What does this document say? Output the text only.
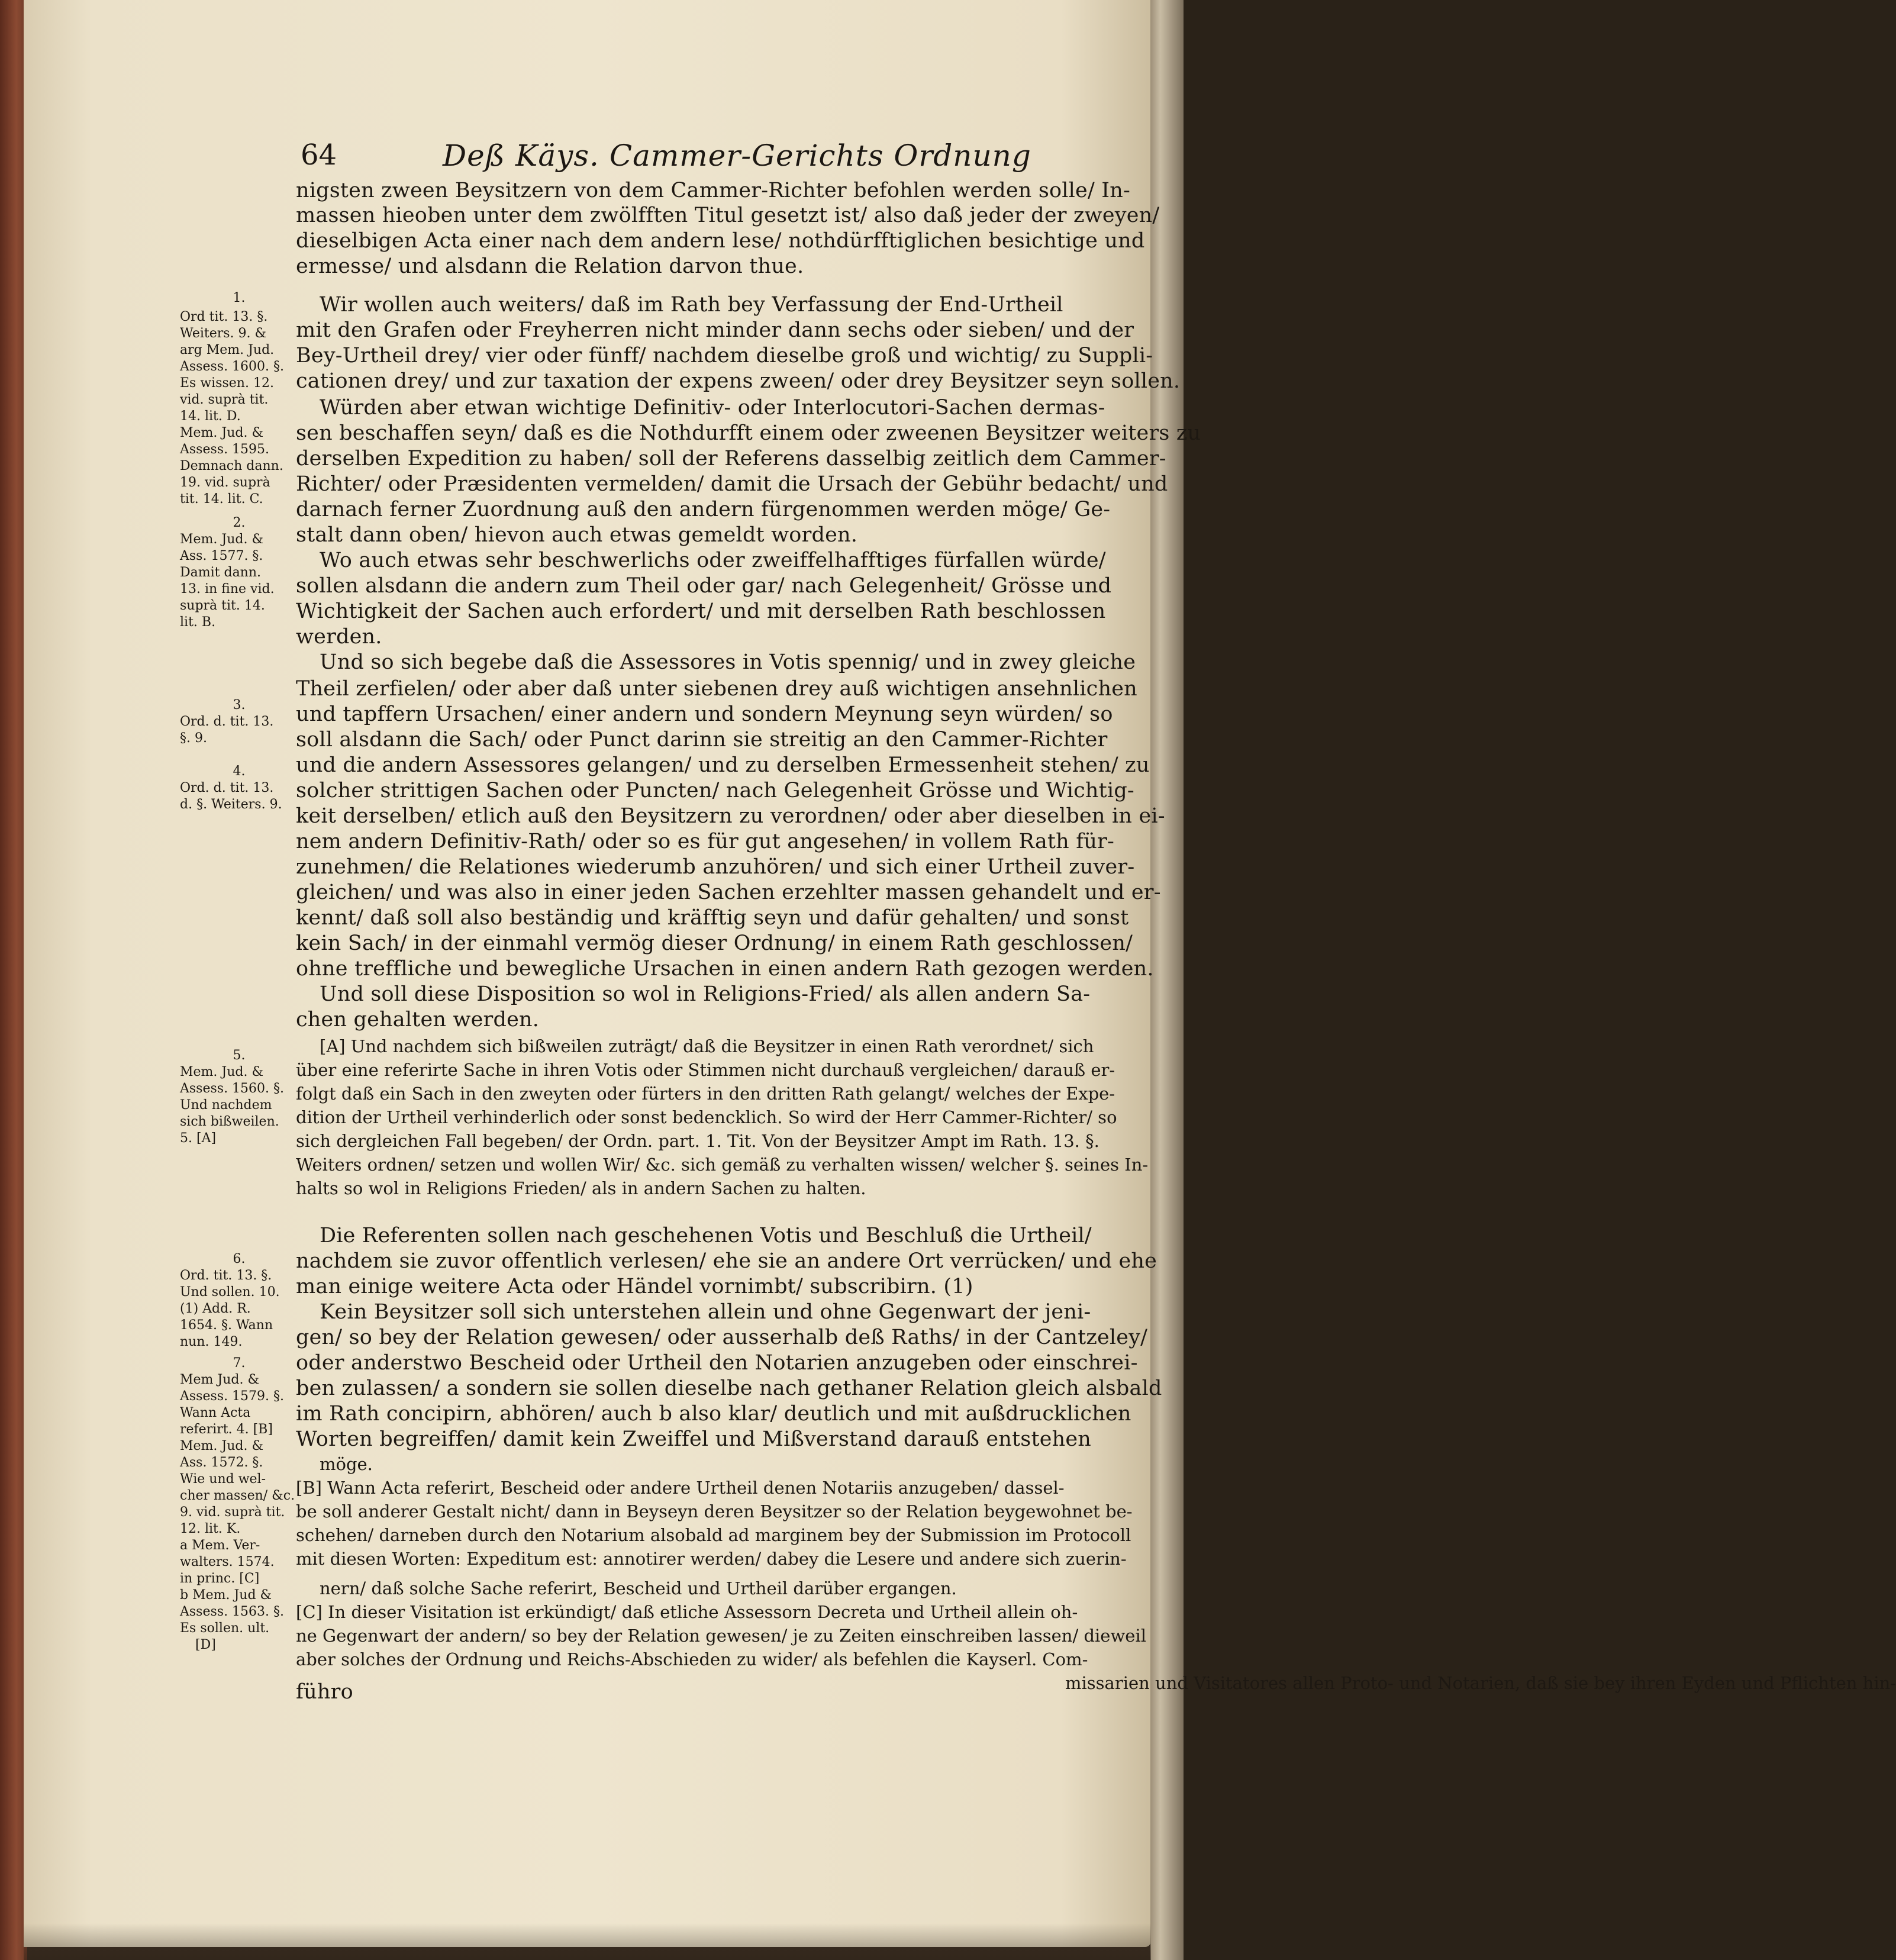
64	Deß Käys. Cammer-Gerichts Ordnung
nigsten zween Beysitzern von dem Cammer-Richter befohlen werden solle/ In-
massen hieoben unter dem zwölfften Titul gesetzt ist/ also daß jeder der zweyen/
dieselbigen Acta einer nach dem andern lese/ nothdürfftiglichen besichtige und
ermesse/ und alsdann die Relation darvon thue.
Wir wollen auch weiters/ daß im Rath bey Verfassung der End-Urtheil
mit den Grafen oder Freyherren nicht minder dann sechs oder sieben/ und der
Bey-Urtheil drey/ vier oder fünff/ nachdem dieselbe groß und wichtig/ zu Suppli-
cationen drey/ und zur taxation der expens zween/ oder drey Beysitzer seyn sollen.
Würden aber etwan wichtige Definitiv- oder Interlocutori-Sachen dermas-
sen beschaffen seyn/ daß es die Nothdurfft einem oder zweenen Beysitzer weiters zu
derselben Expedition zu haben/ soll der Referens dasselbig zeitlich dem Cammer-
Richter/ oder Præsidenten vermelden/ damit die Ursach der Gebühr bedacht/ und
darnach ferner Zuordnung auß den andern fürgenommen werden möge/ Ge-
stalt dann oben/ hievon auch etwas gemeldt worden.
Wo auch etwas sehr beschwerlichs oder zweiffelhafftiges fürfallen würde/
sollen alsdann die andern zum Theil oder gar/ nach Gelegenheit/ Grösse und
Wichtigkeit der Sachen auch erfordert/ und mit derselben Rath beschlossen
werden.
Und so sich begebe daß die Assessores in Votis spennig/ und in zwey gleiche
Theil zerfielen/ oder aber daß unter siebenen drey auß wichtigen ansehnlichen
und tapffern Ursachen/ einer andern und sondern Meynung seyn würden/ so
soll alsdann die Sach/ oder Punct darinn sie streitig an den Cammer-Richter
und die andern Assessores gelangen/ und zu derselben Ermessenheit stehen/ zu
solcher strittigen Sachen oder Puncten/ nach Gelegenheit Grösse und Wichtig-
keit derselben/ etlich auß den Beysitzern zu verordnen/ oder aber dieselben in ei-
nem andern Definitiv-Rath/ oder so es für gut angesehen/ in vollem Rath für-
zunehmen/ die Relationes wiederumb anzuhören/ und sich einer Urtheil zuver-
gleichen/ und was also in einer jeden Sachen erzehlter massen gehandelt und er-
kennt/ daß soll also beständig und kräfftig seyn und dafür gehalten/ und sonst
kein Sach/ in der einmahl vermög dieser Ordnung/ in einem Rath geschlossen/
ohne treffliche und bewegliche Ursachen in einen andern Rath gezogen werden.
Und soll diese Disposition so wol in Religions-Fried/ als allen andern Sa-
chen gehalten werden.
[A] Und nachdem sich bißweilen zuträgt/ daß die Beysitzer in einen Rath verordnet/ sich
über eine referirte Sache in ihren Votis oder Stimmen nicht durchauß vergleichen/ darauß er-
folgt daß ein Sach in den zweyten oder fürters in den dritten Rath gelangt/ welches der Expe-
dition der Urtheil verhinderlich oder sonst bedencklich. So wird der Herr Cammer-Richter/ so
sich dergleichen Fall begeben/ der Ordn. part. 1. Tit. Von der Beysitzer Ampt im Rath. 13. §.
Weiters ordnen/ setzen und wollen Wir/ &c. sich gemäß zu verhalten wissen/ welcher §. seines In-
halts so wol in Religions Frieden/ als in andern Sachen zu halten.
Die Referenten sollen nach geschehenen Votis und Beschluß die Urtheil/
nachdem sie zuvor offentlich verlesen/ ehe sie an andere Ort verrücken/ und ehe
man einige weitere Acta oder Händel vornimbt/ subscribirn. (1)
Kein Beysitzer soll sich unterstehen allein und ohne Gegenwart der jeni-
gen/ so bey der Relation gewesen/ oder ausserhalb deß Raths/ in der Cantzeley/
oder anderstwo Bescheid oder Urtheil den Notarien anzugeben oder einschrei-
ben zulassen/ a sondern sie sollen dieselbe nach gethaner Relation gleich alsbald
im Rath concipirn, abhören/ auch b also klar/ deutlich und mit außdrucklichen
Worten begreiffen/ damit kein Zweiffel und Mißverstand darauß entstehen
möge.
[B] Wann Acta referirt, Bescheid oder andere Urtheil denen Notariis anzugeben/ dassel-
be soll anderer Gestalt nicht/ dann in Beyseyn deren Beysitzer so der Relation beygewohnet be-
schehen/ darneben durch den Notarium alsobald ad marginem bey der Submission im Protocoll
mit diesen Worten: Expeditum est: annotirer werden/ dabey die Lesere und andere sich zuerin-
nern/ daß solche Sache referirt, Bescheid und Urtheil darüber ergangen.
[C] In dieser Visitation ist erkündigt/ daß etliche Assessorn Decreta und Urtheil allein oh-
ne Gegenwart der andern/ so bey der Relation gewesen/ je zu Zeiten einschreiben lassen/ dieweil
aber solches der Ordnung und Reichs-Abschieden zu wider/ als befehlen die Kayserl. Com-
missarien und Visitatores allen Proto- und Notarien, daß sie bey ihren Eyden und Pflichten hin-
führo
1.
Ord tit. 13. §.
Weiters. 9. &
arg Mem. Jud.
Assess. 1600. §.
Es wissen. 12.
vid. suprà tit.
14. lit. D.
Mem. Jud. &
Assess. 1595.
Demnach dann.
19. vid. suprà
tit. 14. lit. C.
2.
Mem. Jud. &
Ass. 1577. §.
Damit dann.
13. in fine vid.
suprà tit. 14.
lit. B.
3.
Ord. d. tit. 13.
§. 9.
4.
Ord. d. tit. 13.
d. §. Weiters. 9.
5.
Mem. Jud. &
Assess. 1560. §.
Und nachdem
sich bißweilen.
5. [A]
6.
Ord. tit. 13. §.
Und sollen. 10.
(1) Add. R.
1654. §. Wann
nun. 149.
7.
Mem Jud. &
Assess. 1579. §.
Wann Acta
referirt. 4. [B]
Mem. Jud. &
Ass. 1572. §.
Wie und wel-
cher massen/ &c.
9. vid. suprà tit.
12. lit. K.
a Mem. Ver-
walters. 1574.
in princ. [C]
b Mem. Jud &
Assess. 1563. §.
Es sollen. ult.
[D]
